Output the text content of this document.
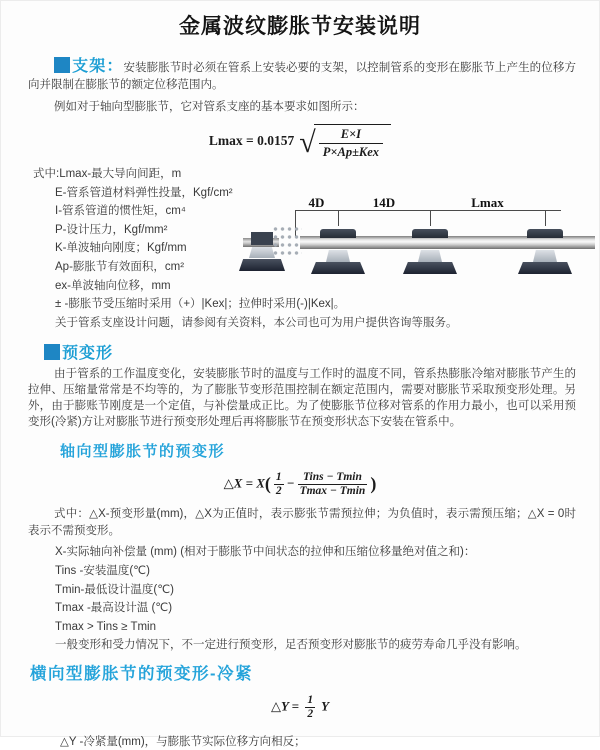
金属波纹膨胀节安装说明

支架：安装膨胀节时必须在管系上安装必要的支架，以控制管系的变形在膨胀节上产生的位移方向并限制在膨胀节的额定位移范围内。

例如对于轴向型膨胀节，它对管系支座的基本要求如图所示：

Lmax = 0.0157 √
$\frac{E\times I}{\text{P×Ap±Kex}}$
式中:Lmax-最大导向间距，m
E-管系管道材料弹性投量，Kgf/cm²
I-管系管道的惯性矩，cm⁴
P-设计压力，Kgf/mm²
K-单波轴向刚度；Kgf/mm
Ap-膨胀节有效面积，cm²
ex-单波轴向位移，mm
± -膨胀节受压缩时采用（+）|Kex|；拉伸时采用(-)|Kex|。
关于管系支座设计问题，请参阅有关资料，本公司也可为用户提供咨询等服务。
4D	14D	Lmax
预变形

由于管系的工作温度变化，安装膨胀节时的温度与工作时的温度不同，管系热膨胀冷缩对膨胀节产生的拉伸、压缩量常常是不均等的，为了膨胀节变形范围控制在额定范围内，需要对膨胀节采取预变形处理。另外，由于膨账节刚度是一个定值，与补偿量成正比。为了使膨胀节位移对管系的作用力最小，也可以采用预变形(冷紧)方让对膨胀节进行预变形处理后再将膨胀节在预变形状态下安装在管系中。

轴向型膨胀节的预变形
△X = $X( \frac{1}{2}$ − Tins − Tmin
Tmax − Tmin )

式中：△X-预变形量(mm)，△X为正值时，表示膨张节需预拉伸；为负值时，表示需预压缩；△X = 0时表示不需预变形。

X-实际轴向补偿量 (mm) (相对于膨胀节中间状态的拉伸和压缩位移量绝对值之和)：
Tins -安装温度(℃)
Tmin-最低设计温度(℃)
Tmax -最高设计温 (℃)
Tmax > Tins ≥ Tmin
一般变形和受力情况下，不一定进行预变形，足否预变形对膨胀节的疲劳寿命几乎没有影响。
横向型膨胀节的预变形-冷紧
△Y = $\frac{1}{2}$ Y
△Y -冷紧量(mm)，与膨胀节实际位移方向相反；
